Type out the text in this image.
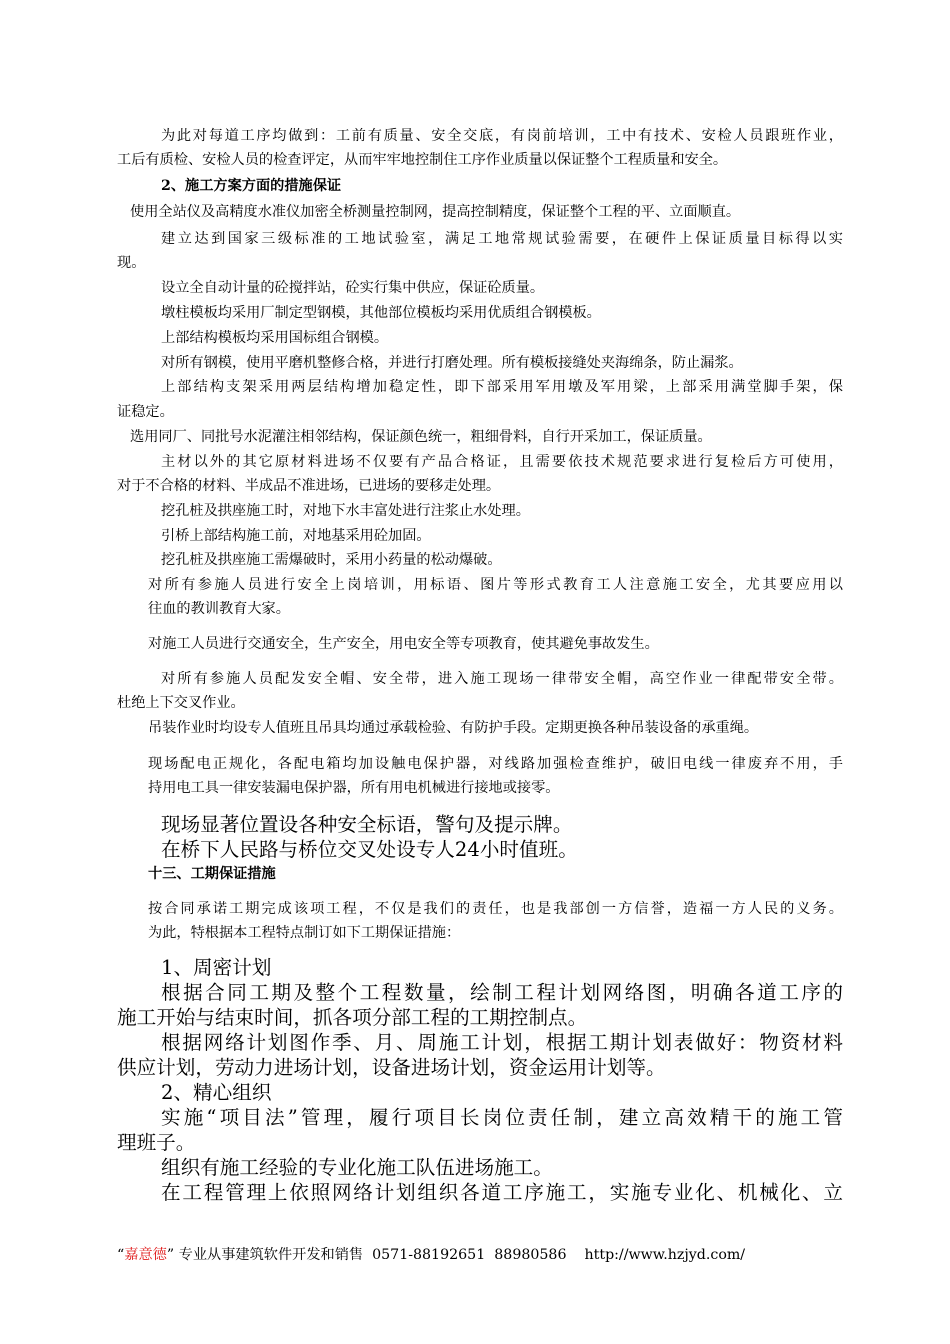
为此对每道工序均做到：工前有质量、安全交底，有岗前培训，工中有技术、安检人员跟班作业，
工后有质检、安检人员的检查评定，从而牢牢地控制住工序作业质量以保证整个工程质量和安全。
2、施工方案方面的措施保证
使用全站仪及高精度水准仪加密全桥测量控制网，提高控制精度，保证整个工程的平、立面顺直。
建立达到国家三级标准的工地试验室，满足工地常规试验需要，在硬件上保证质量目标得以实
现。
设立全自动计量的砼搅拌站，砼实行集中供应，保证砼质量。
墩柱模板均采用厂制定型钢模，其他部位模板均采用优质组合钢模板。
上部结构模板均采用国标组合钢模。
对所有钢模，使用平磨机整修合格，并进行打磨处理。所有模板接缝处夹海绵条，防止漏浆。
上部结构支架采用两层结构增加稳定性，即下部采用军用墩及军用梁，上部采用满堂脚手架，保
证稳定。
选用同厂、同批号水泥灌注相邻结构，保证颜色统一，粗细骨料，自行开采加工，保证质量。
主材以外的其它原材料进场不仅要有产品合格证，且需要依技术规范要求进行复检后方可使用，
对于不合格的材料、半成品不准进场，已进场的要移走处理。
挖孔桩及拱座施工时，对地下水丰富处进行注浆止水处理。
引桥上部结构施工前，对地基采用砼加固。
挖孔桩及拱座施工需爆破时，采用小药量的松动爆破。
对所有参施人员进行安全上岗培训，用标语、图片等形式教育工人注意施工安全，尤其要应用以
往血的教训教育大家。
对施工人员进行交通安全，生产安全，用电安全等专项教育，使其避免事故发生。
对所有参施人员配发安全帽、安全带，进入施工现场一律带安全帽，高空作业一律配带安全带。
杜绝上下交叉作业。
吊装作业时均设专人值班且吊具均通过承载检验、有防护手段。定期更换各种吊装设备的承重绳。
现场配电正规化，各配电箱均加设触电保护器，对线路加强检查维护，破旧电线一律废弃不用，手
持用电工具一律安装漏电保护器，所有用电机械进行接地或接零。
现场显著位置设各种安全标语，警句及提示牌。
在桥下人民路与桥位交叉处设专人24小时值班。
十三、工期保证措施
按合同承诺工期完成该项工程，不仅是我们的责任，也是我部创一方信誉，造福一方人民的义务。
为此，特根据本工程特点制订如下工期保证措施：
1、周密计划
根据合同工期及整个工程数量，绘制工程计划网络图，明确各道工序的
施工开始与结束时间，抓各项分部工程的工期控制点。
根据网络计划图作季、月、周施工计划，根据工期计划表做好：物资材料
供应计划，劳动力进场计划，设备进场计划，资金运用计划等。
2、精心组织
实施“项目法”管理，履行项目长岗位责任制，建立高效精干的施工管
理班子。
组织有施工经验的专业化施工队伍进场施工。
在工程管理上依照网络计划组织各道工序施工，实施专业化、机械化、立
“嘉意德” 专业从事建筑软件开发和销售 0571-88192651 88980586 http://www.hzjyd.com/
